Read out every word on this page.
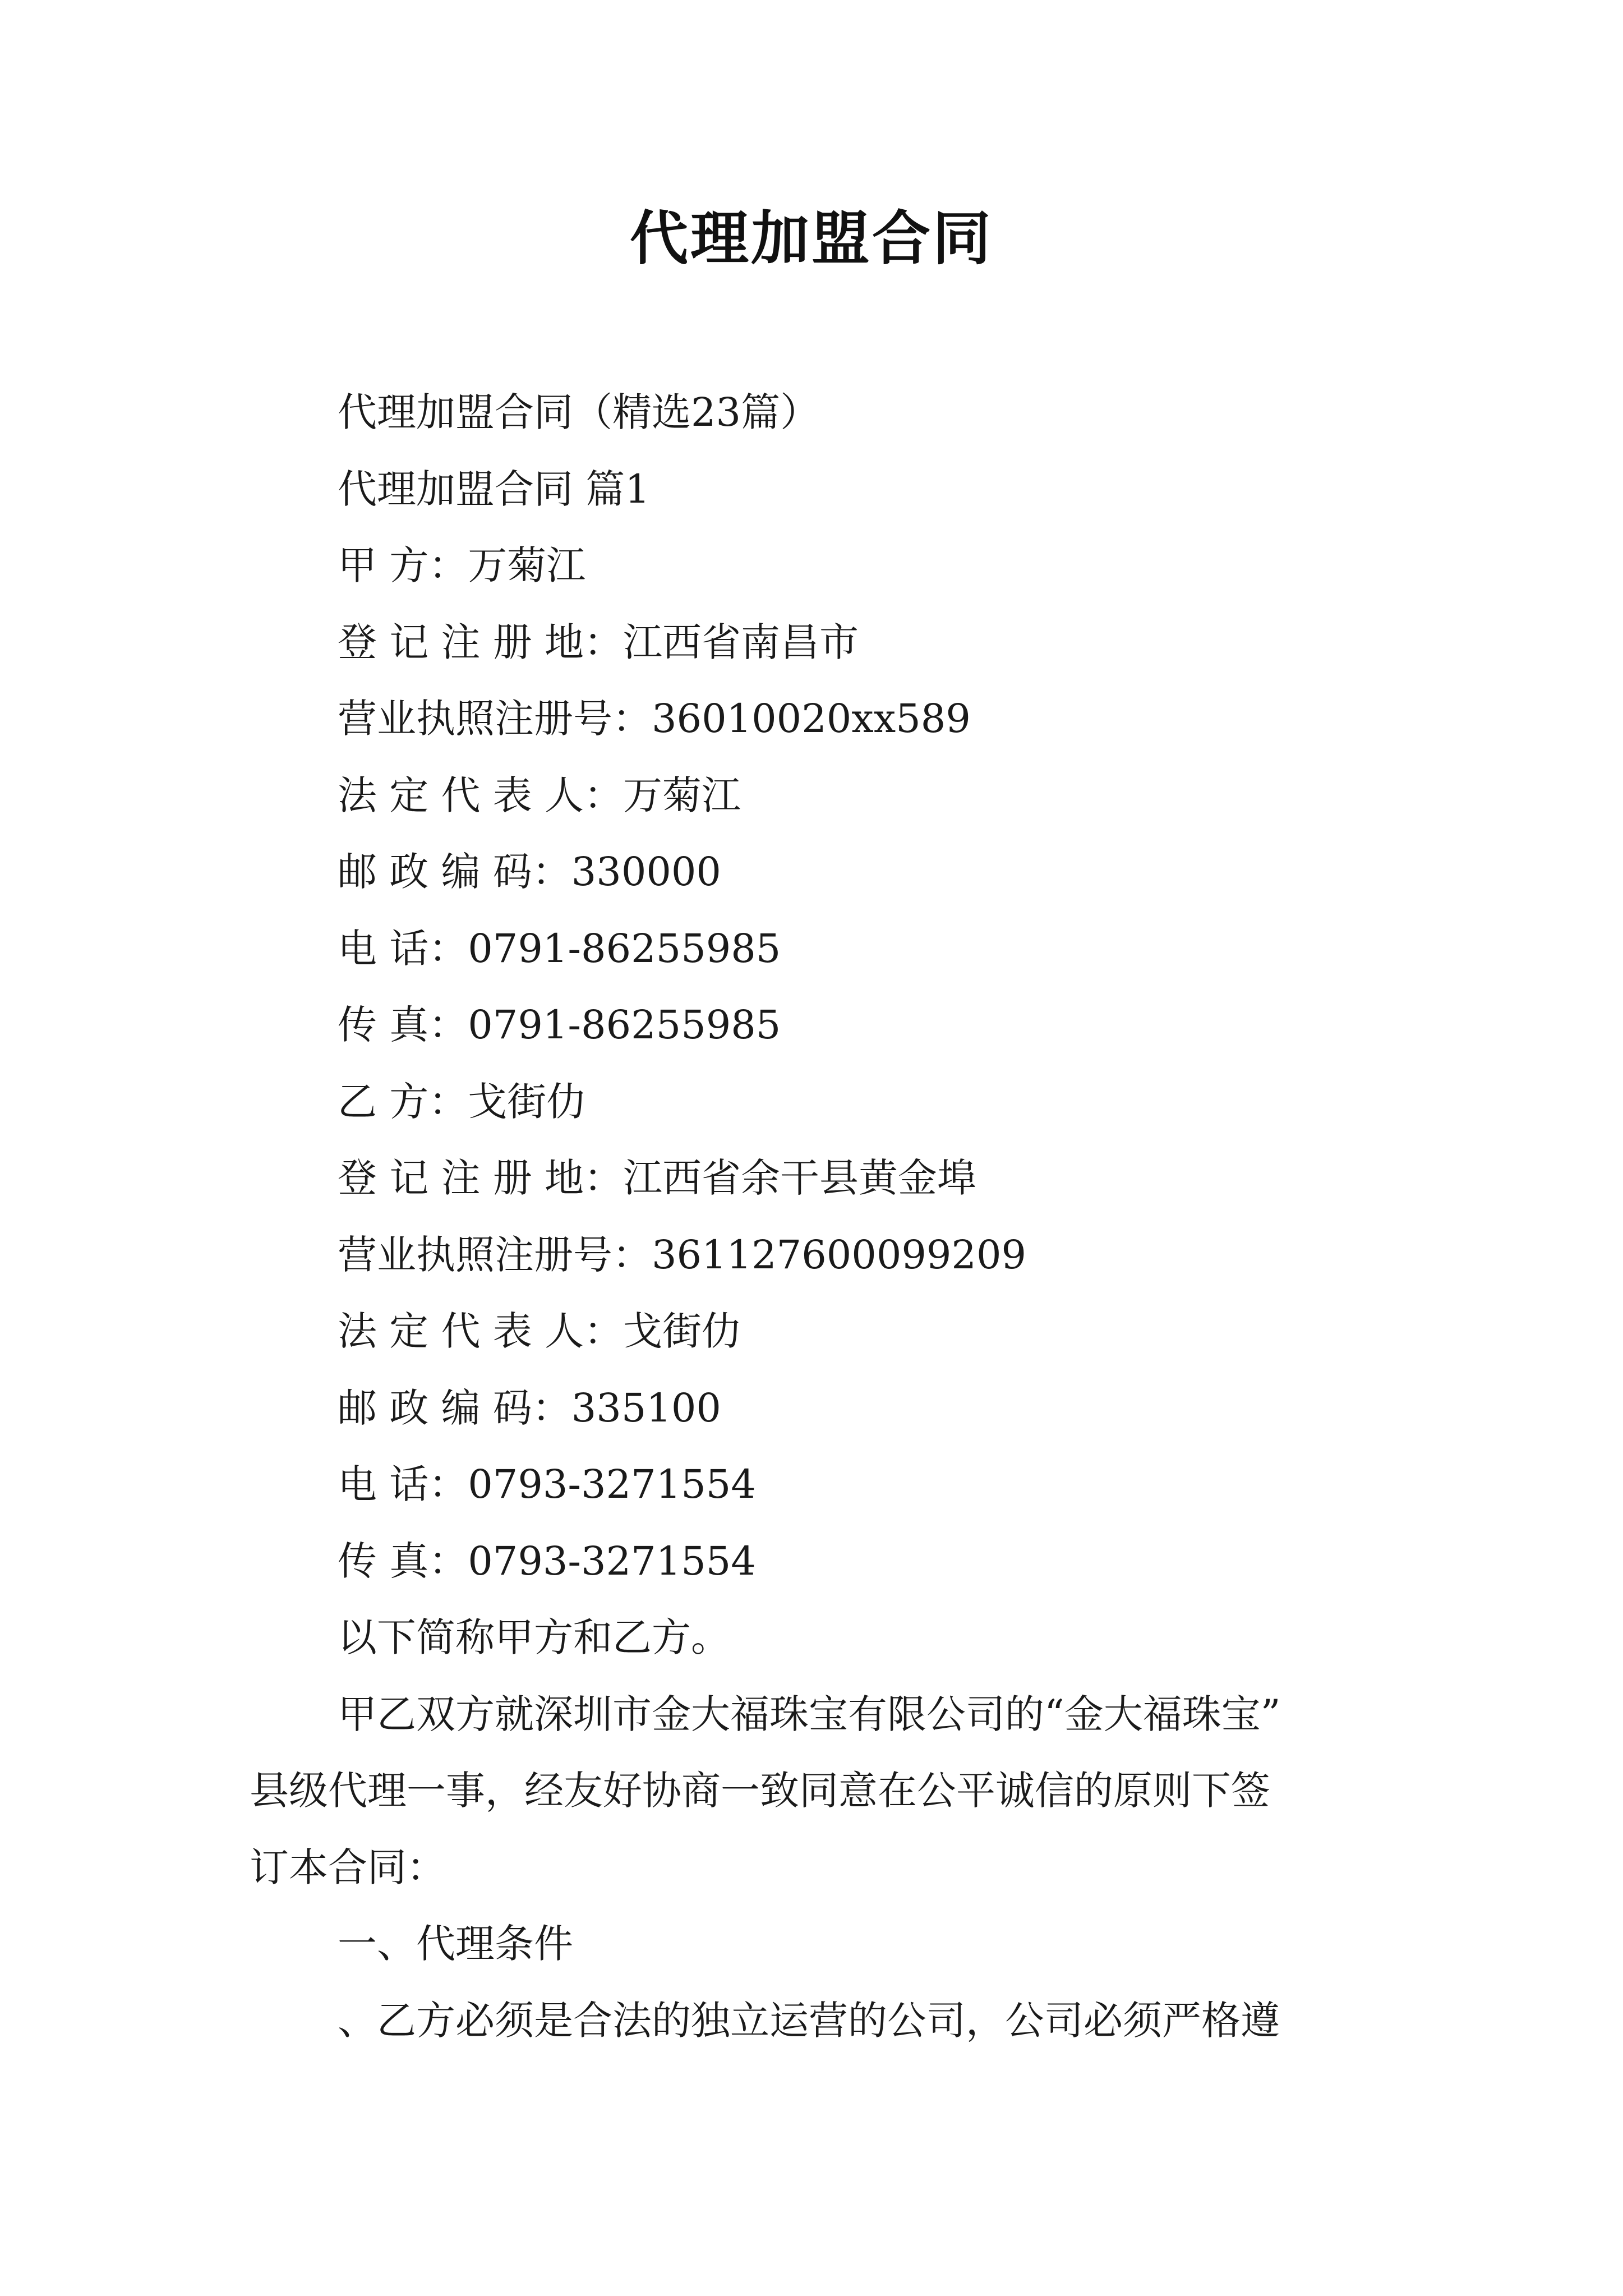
代理加盟合同
代理加盟合同（精选23篇）
代理加盟合同 篇1
甲 方：万菊江
登 记 注 册 地：江西省南昌市
营业执照注册号：36010020xx589
法 定 代 表 人：万菊江
邮 政 编 码：330000
电 话：0791-86255985
传 真：0791-86255985
乙 方：戈街仂
登 记 注 册 地：江西省余干县黄金埠
营业执照注册号：361127600099209
法 定 代 表 人：戈街仂
邮 政 编 码：335100
电 话：0793-3271554
传 真：0793-3271554
以下简称甲方和乙方。
甲乙双方就深圳市金大福珠宝有限公司的“金大福珠宝”
县级代理一事，经友好协商一致同意在公平诚信的原则下签
订本合同：
一、代理条件
、乙方必须是合法的独立运营的公司，公司必须严格遵
